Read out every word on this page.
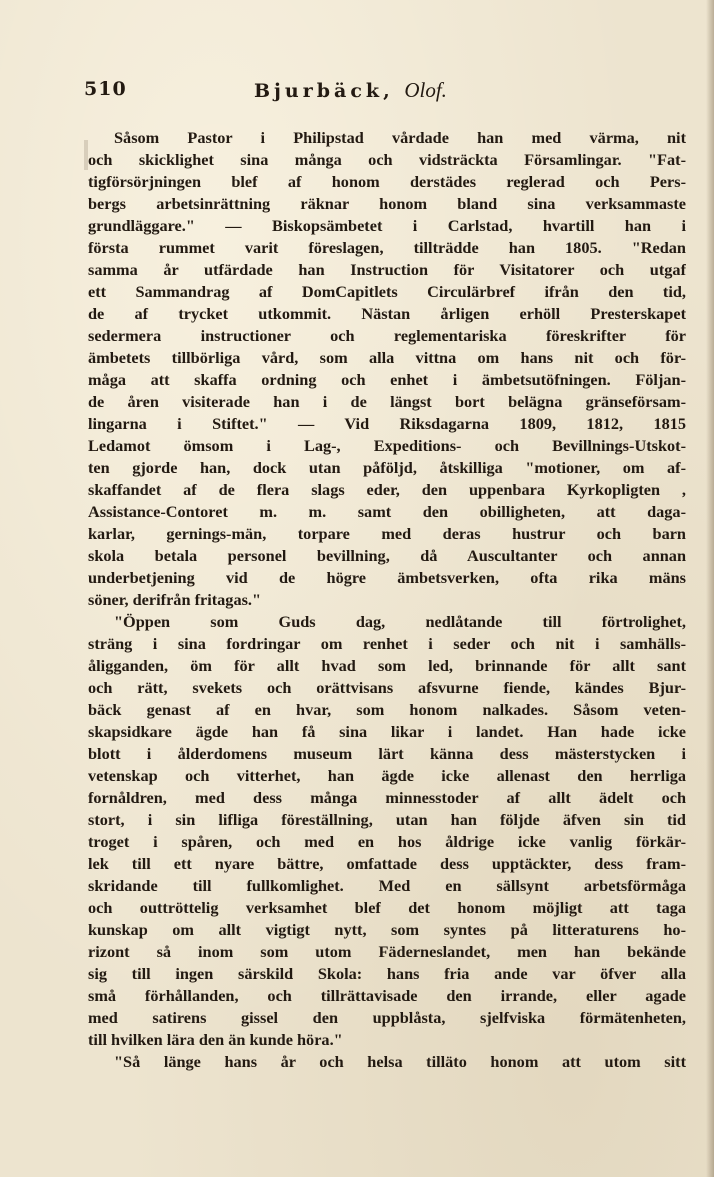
510	Bjurbäck, Olof.
Såsom Pastor i Philipstad vårdade han med värma, nit
och skicklighet sina många och vidsträckta Församlingar. "Fat-
tigförsörjningen blef af honom derstädes reglerad och Pers-
bergs arbetsinrättning räknar honom bland sina verksammaste
grundläggare." — Biskopsämbetet i Carlstad, hvartill han i
första rummet varit föreslagen, tillträdde han 1805. "Redan
samma år utfärdade han Instruction för Visitatorer och utgaf
ett Sammandrag af DomCapitlets Circulärbref ifrån den tid,
de af trycket utkommit. Nästan årligen erhöll Presterskapet
sedermera instructioner och reglementariska föreskrifter för
ämbetets tillbörliga vård, som alla vittna om hans nit och för-
måga att skaffa ordning och enhet i ämbetsutöfningen. Följan-
de åren visiterade han i de längst bort belägna gränseförsam-
lingarna i Stiftet." — Vid Riksdagarna 1809, 1812, 1815
Ledamot ömsom i Lag-, Expeditions- och Bevillnings-Utskot-
ten gjorde han, dock utan påföljd, åtskilliga "motioner, om af-
skaffandet af de flera slags eder, den uppenbara Kyrkopligten ,
Assistance-Contoret m. m. samt den obilligheten, att daga-
karlar, gernings-män, torpare med deras hustrur och barn
skola betala personel bevillning, då Auscultanter och annan
underbetjening vid de högre ämbetsverken, ofta rika mäns
söner, derifrån fritagas."
"Öppen som Guds dag, nedlåtande till förtrolighet,
sträng i sina fordringar om renhet i seder och nit i samhälls-
åligganden, öm för allt hvad som led, brinnande för allt sant
och rätt, svekets och orättvisans afsvurne fiende, kändes Bjur-
bäck genast af en hvar, som honom nalkades. Såsom veten-
skapsidkare ägde han få sina likar i landet. Han hade icke
blott i ålderdomens museum lärt känna dess mästerstycken i
vetenskap och vitterhet, han ägde icke allenast den herrliga
fornåldren, med dess många minnesstoder af allt ädelt och
stort, i sin lifliga föreställning, utan han följde äfven sin tid
troget i spåren, och med en hos åldrige icke vanlig förkär-
lek till ett nyare bättre, omfattade dess upptäckter, dess fram-
skridande till fullkomlighet. Med en sällsynt arbetsförmåga
och outtröttelig verksamhet blef det honom möjligt att taga
kunskap om allt vigtigt nytt, som syntes på litteraturens ho-
rizont så inom som utom Fäderneslandet, men han bekände
sig till ingen särskild Skola: hans fria ande var öfver alla
små förhållanden, och tillrättavisade den irrande, eller agade
med satirens gissel den uppblåsta, sjelfviska förmätenheten,
till hvilken lära den än kunde höra."
"Så länge hans år och helsa tilläto honom att utom sitt
